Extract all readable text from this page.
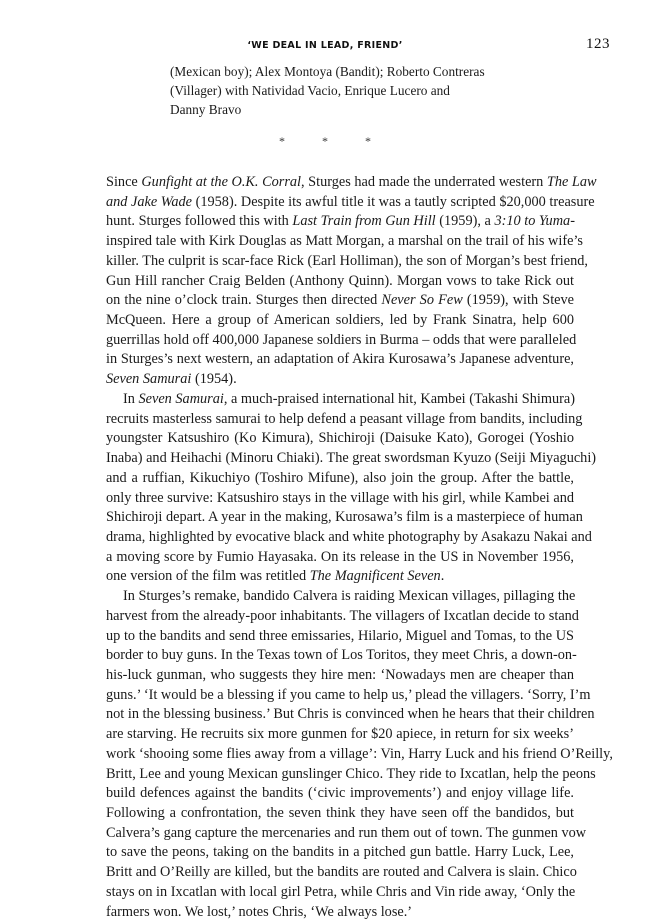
‘WE DEAL IN LEAD, FRIEND’	123
(Mexican boy); Alex Montoya (Bandit); Roberto Contreras
(Villager) with Natividad Vacio, Enrique Lucero and
Danny Bravo
*	*	*
Since Gunfight at the O.K. Corral, Sturges had made the underrated western The Law
and Jake Wade (1958). Despite its awful title it was a tautly scripted $20,000 treasure
hunt. Sturges followed this with Last Train from Gun Hill (1959), a 3:10 to Yuma-
inspired tale with Kirk Douglas as Matt Morgan, a marshal on the trail of his wife’s
killer. The culprit is scar-face Rick (Earl Holliman), the son of Morgan’s best friend,
Gun Hill rancher Craig Belden (Anthony Quinn). Morgan vows to take Rick out
on the nine o’clock train. Sturges then directed Never So Few (1959), with Steve
McQueen. Here a group of American soldiers, led by Frank Sinatra, help 600
guerrillas hold off 400,000 Japanese soldiers in Burma – odds that were paralleled
in Sturges’s next western, an adaptation of Akira Kurosawa’s Japanese adventure,
Seven Samurai (1954).
In Seven Samurai, a much-praised international hit, Kambei (Takashi Shimura)
recruits masterless samurai to help defend a peasant village from bandits, including
youngster Katsushiro (Ko Kimura), Shichiroji (Daisuke Kato), Gorogei (Yoshio
Inaba) and Heihachi (Minoru Chiaki). The great swordsman Kyuzo (Seiji Miyaguchi)
and a ruffian, Kikuchiyo (Toshiro Mifune), also join the group. After the battle,
only three survive: Katsushiro stays in the village with his girl, while Kambei and
Shichiroji depart. A year in the making, Kurosawa’s film is a masterpiece of human
drama, highlighted by evocative black and white photography by Asakazu Nakai and
a moving score by Fumio Hayasaka. On its release in the US in November 1956,
one version of the film was retitled The Magnificent Seven.
In Sturges’s remake, bandido Calvera is raiding Mexican villages, pillaging the
harvest from the already-poor inhabitants. The villagers of Ixcatlan decide to stand
up to the bandits and send three emissaries, Hilario, Miguel and Tomas, to the US
border to buy guns. In the Texas town of Los Toritos, they meet Chris, a down-on-
his-luck gunman, who suggests they hire men: ‘Nowadays men are cheaper than
guns.’ ‘It would be a blessing if you came to help us,’ plead the villagers. ‘Sorry, I’m
not in the blessing business.’ But Chris is convinced when he hears that their children
are starving. He recruits six more gunmen for $20 apiece, in return for six weeks’
work ‘shooing some flies away from a village’: Vin, Harry Luck and his friend O’Reilly,
Britt, Lee and young Mexican gunslinger Chico. They ride to Ixcatlan, help the peons
build defences against the bandits (‘civic improvements’) and enjoy village life.
Following a confrontation, the seven think they have seen off the bandidos, but
Calvera’s gang capture the mercenaries and run them out of town. The gunmen vow
to save the peons, taking on the bandits in a pitched gun battle. Harry Luck, Lee,
Britt and O’Reilly are killed, but the bandits are routed and Calvera is slain. Chico
stays on in Ixcatlan with local girl Petra, while Chris and Vin ride away, ‘Only the
farmers won. We lost,’ notes Chris, ‘We always lose.’
